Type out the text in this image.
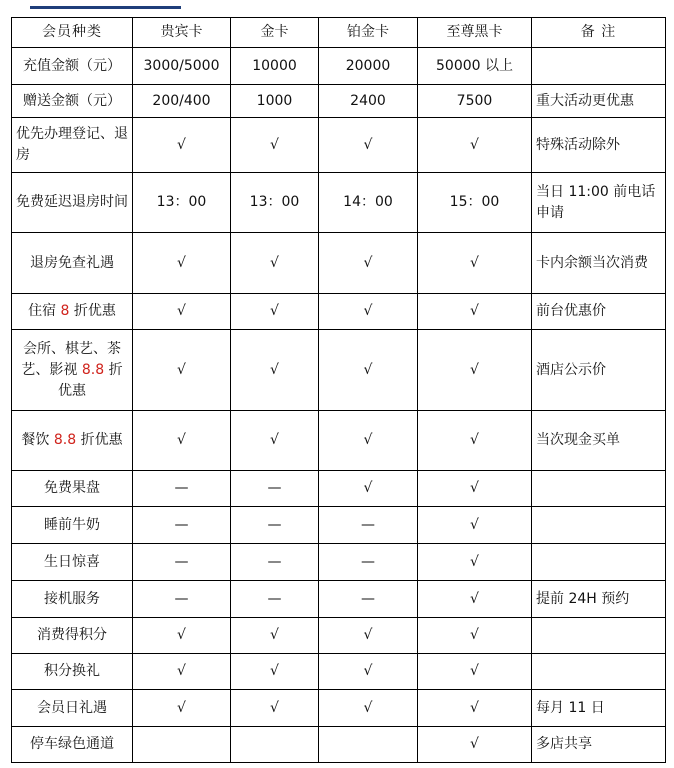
会员种类	贵宾卡	金卡	铂金卡	至尊黑卡	备 注
充值金额（元）	3000/5000	10000	20000	50000 以上	
赠送金额（元）	200/400	1000	2400	7500	重大活动更优惠
优先办理登记、退房	√	√	√	√	特殊活动除外
免费延迟退房时间	13：00	13：00	14：00	15：00	当日 11:00 前电话申请
退房免查礼遇	√	√	√	√	卡内余额当次消费
住宿 8 折优惠	√	√	√	√	前台优惠价
会所、棋艺、茶艺、影视 8.8 折优惠	√	√	√	√	酒店公示价
餐饮 8.8 折优惠	√	√	√	√	当次现金买单
免费果盘	—	—	√	√	
睡前牛奶	—	—	—	√	
生日惊喜	—	—	—	√	
接机服务	—	—	—	√	提前 24H 预约
消费得积分	√	√	√	√	
积分换礼	√	√	√	√	
会员日礼遇	√	√	√	√	每月 11 日
停车绿色通道				√	多店共享
